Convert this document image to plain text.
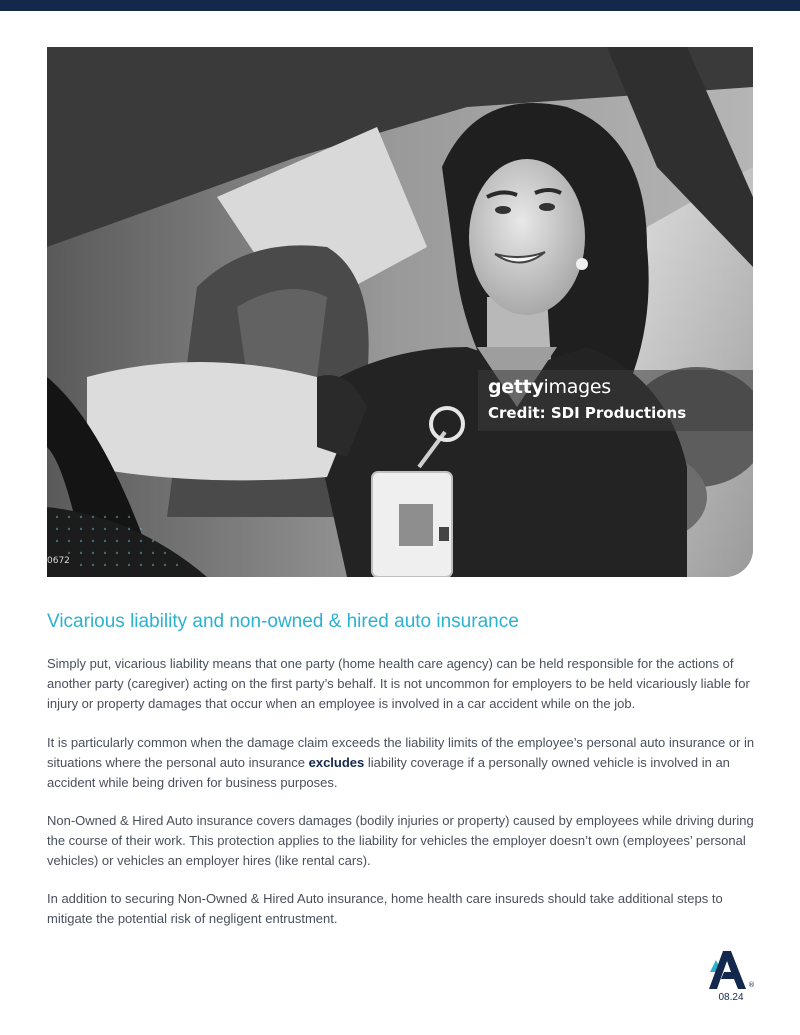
gettyimages
Credit: SDI Productions
0672
Vicarious liability and non-owned & hired auto insurance

Simply put, vicarious liability means that one party (home health care agency) can be held responsible for the actions of another party (caregiver) acting on the first party’s behalf. It is not uncommon for employers to be held vicariously liable for injury or property damages that occur when an employee is involved in a car accident while on the job.

It is particularly common when the damage claim exceeds the liability limits of the employee’s personal auto insurance or in situations where the personal auto insurance excludes liability coverage if a personally owned vehicle is involved in an accident while being driven for business purposes.

Non-Owned & Hired Auto insurance covers damages (bodily injuries or property) caused by employees while driving during the course of their work. This protection applies to the liability for vehicles the employer doesn’t own (employees’ personal vehicles) or vehicles an employer hires (like rental cars).

In addition to securing Non-Owned & Hired Auto insurance, home health care insureds should take additional steps to mitigate the potential risk of negligent entrustment.

®
08.24
